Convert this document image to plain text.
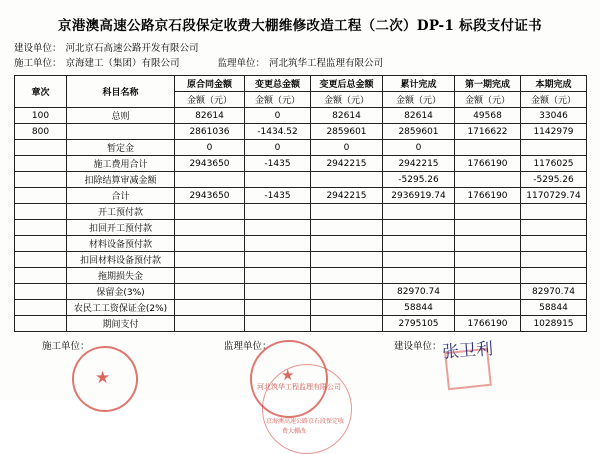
京港澳高速公路京石段保定收费大棚维修改造工程（二次）DP-1 标段支付证书
建设单位： 河北京石高速公路开发有限公司
施工单位： 京海建工（集团）有限公司	监理单位： 河北筑华工程监理有限公司
章次	科目名称	原合同金额	变更总金额	变更后总金额	累计完成	第一期完成	本期完成
		金额（元）	金额（元）	金额（元）	金额（元）	金额（元）	金额（元）
100	总则	82614	0	82614	82614	49568	33046
800		2861036	-1434.52	2859601	2859601	1716622	1142979
	暂定金	0	0	0	0		
	施工费用合计	2943650	-1435	2942215	2942215	1766190	1176025
	扣除结算审减金额				-5295.26		-5295.26
	合计	2943650	-1435	2942215	2936919.74	1766190	1170729.74
	开工预付款						
	扣回开工预付款						
	材料设备预付款						
	扣回材料设备预付款						
	拖期损失金						
	保留金(3%)				82970.74		82970.74
	农民工工资保证金(2%)				58844		58844
	期间支付				2795105	1766190	1028915
施工单位：	监理单位：	建设单位：
★	★
河北筑华工程监理有限公司
京海澳高速公路京石段保定收
费大棚改
张卫利
